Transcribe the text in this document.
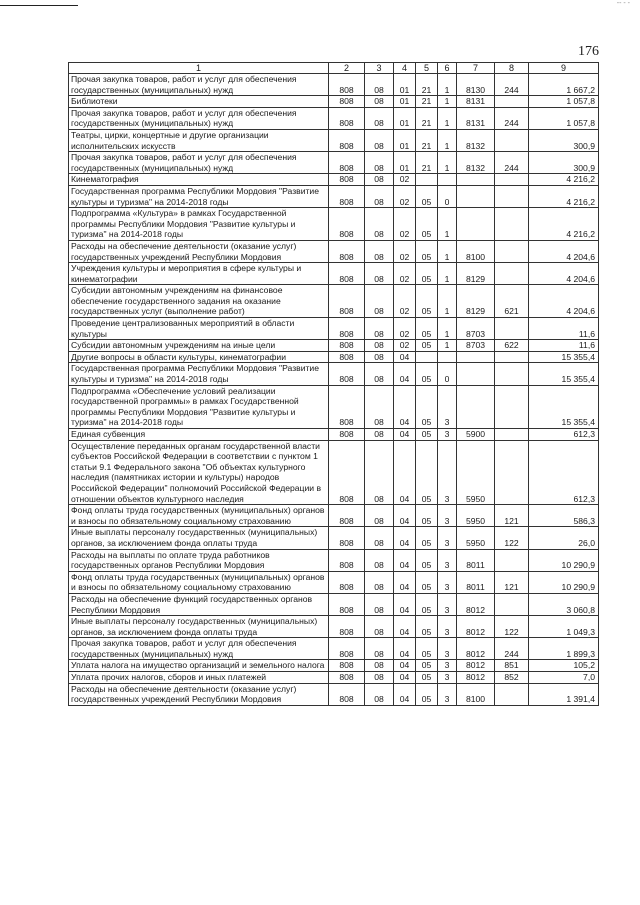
-- - -
176
1	2	3	4	5	6	7	8	9
Прочая закупка товаров, работ и услуг для обеспечения государственных (муниципальных) нужд	808	08	01	21	1	8130	244	1 667,2
Библиотеки	808	08	01	21	1	8131		1 057,8
Прочая закупка товаров, работ и услуг для обеспечения государственных (муниципальных) нужд	808	08	01	21	1	8131	244	1 057,8
Театры, цирки, концертные и другие организации исполнительских искусств	808	08	01	21	1	8132		300,9
Прочая закупка товаров, работ и услуг для обеспечения государственных (муниципальных) нужд	808	08	01	21	1	8132	244	300,9
Кинематография	808	08	02					4 216,2
Государственная программа Республики Мордовия "Развитие культуры и туризма" на 2014-2018 годы	808	08	02	05	0			4 216,2
Подпрограмма «Культура» в рамках Государственной программы Республики Мордовия "Развитие культуры и туризма" на 2014-2018 годы	808	08	02	05	1			4 216,2
Расходы на обеспечение деятельности (оказание услуг) государственных учреждений Республики Мордовия	808	08	02	05	1	8100		4 204,6
Учреждения культуры и мероприятия в сфере культуры и кинематографии	808	08	02	05	1	8129		4 204,6
Субсидии автономным учреждениям на финансовое обеспечение государственного задания на оказание государственных услуг (выполнение работ)	808	08	02	05	1	8129	621	4 204,6
Проведение централизованных мероприятий в области культуры	808	08	02	05	1	8703		11,6
Субсидии автономным учреждениям на иные цели	808	08	02	05	1	8703	622	11,6
Другие вопросы в области культуры, кинематографии	808	08	04					15 355,4
Государственная программа Республики Мордовия "Развитие культуры и туризма" на 2014-2018 годы	808	08	04	05	0			15 355,4
Подпрограмма «Обеспечение условий реализации государственной программы» в рамках Государственной программы Республики Мордовия "Развитие культуры и туризма" на 2014-2018 годы	808	08	04	05	3			15 355,4
Единая субвенция	808	08	04	05	3	5900		612,3
Осуществление переданных органам государственной власти субъектов Российской Федерации в соответствии с пунктом 1 статьи 9.1 Федерального закона "Об объектах культурного наследия (памятниках истории и культуры) народов Российской Федерации" полномочий Российской Федерации в отношении объектов культурного наследия	808	08	04	05	3	5950		612,3
Фонд оплаты труда государственных (муниципальных) органов и взносы по обязательному социальному страхованию	808	08	04	05	3	5950	121	586,3
Иные выплаты персоналу государственных (муниципальных) органов, за исключением фонда оплаты труда	808	08	04	05	3	5950	122	26,0
Расходы на выплаты по оплате труда работников государственных органов Республики Мордовия	808	08	04	05	3	8011		10 290,9
Фонд оплаты труда государственных (муниципальных) органов и взносы по обязательному социальному страхованию	808	08	04	05	3	8011	121	10 290,9
Расходы на обеспечение функций государственных органов Республики Мордовия	808	08	04	05	3	8012		3 060,8
Иные выплаты персоналу государственных (муниципальных) органов, за исключением фонда оплаты труда	808	08	04	05	3	8012	122	1 049,3
Прочая закупка товаров, работ и услуг для обеспечения государственных (муниципальных) нужд	808	08	04	05	3	8012	244	1 899,3
Уплата налога на имущество организаций и земельного налога	808	08	04	05	3	8012	851	105,2
Уплата прочих налогов, сборов и иных платежей	808	08	04	05	3	8012	852	7,0
Расходы на обеспечение деятельности (оказание услуг) государственных учреждений Республики Мордовия	808	08	04	05	3	8100		1 391,4
